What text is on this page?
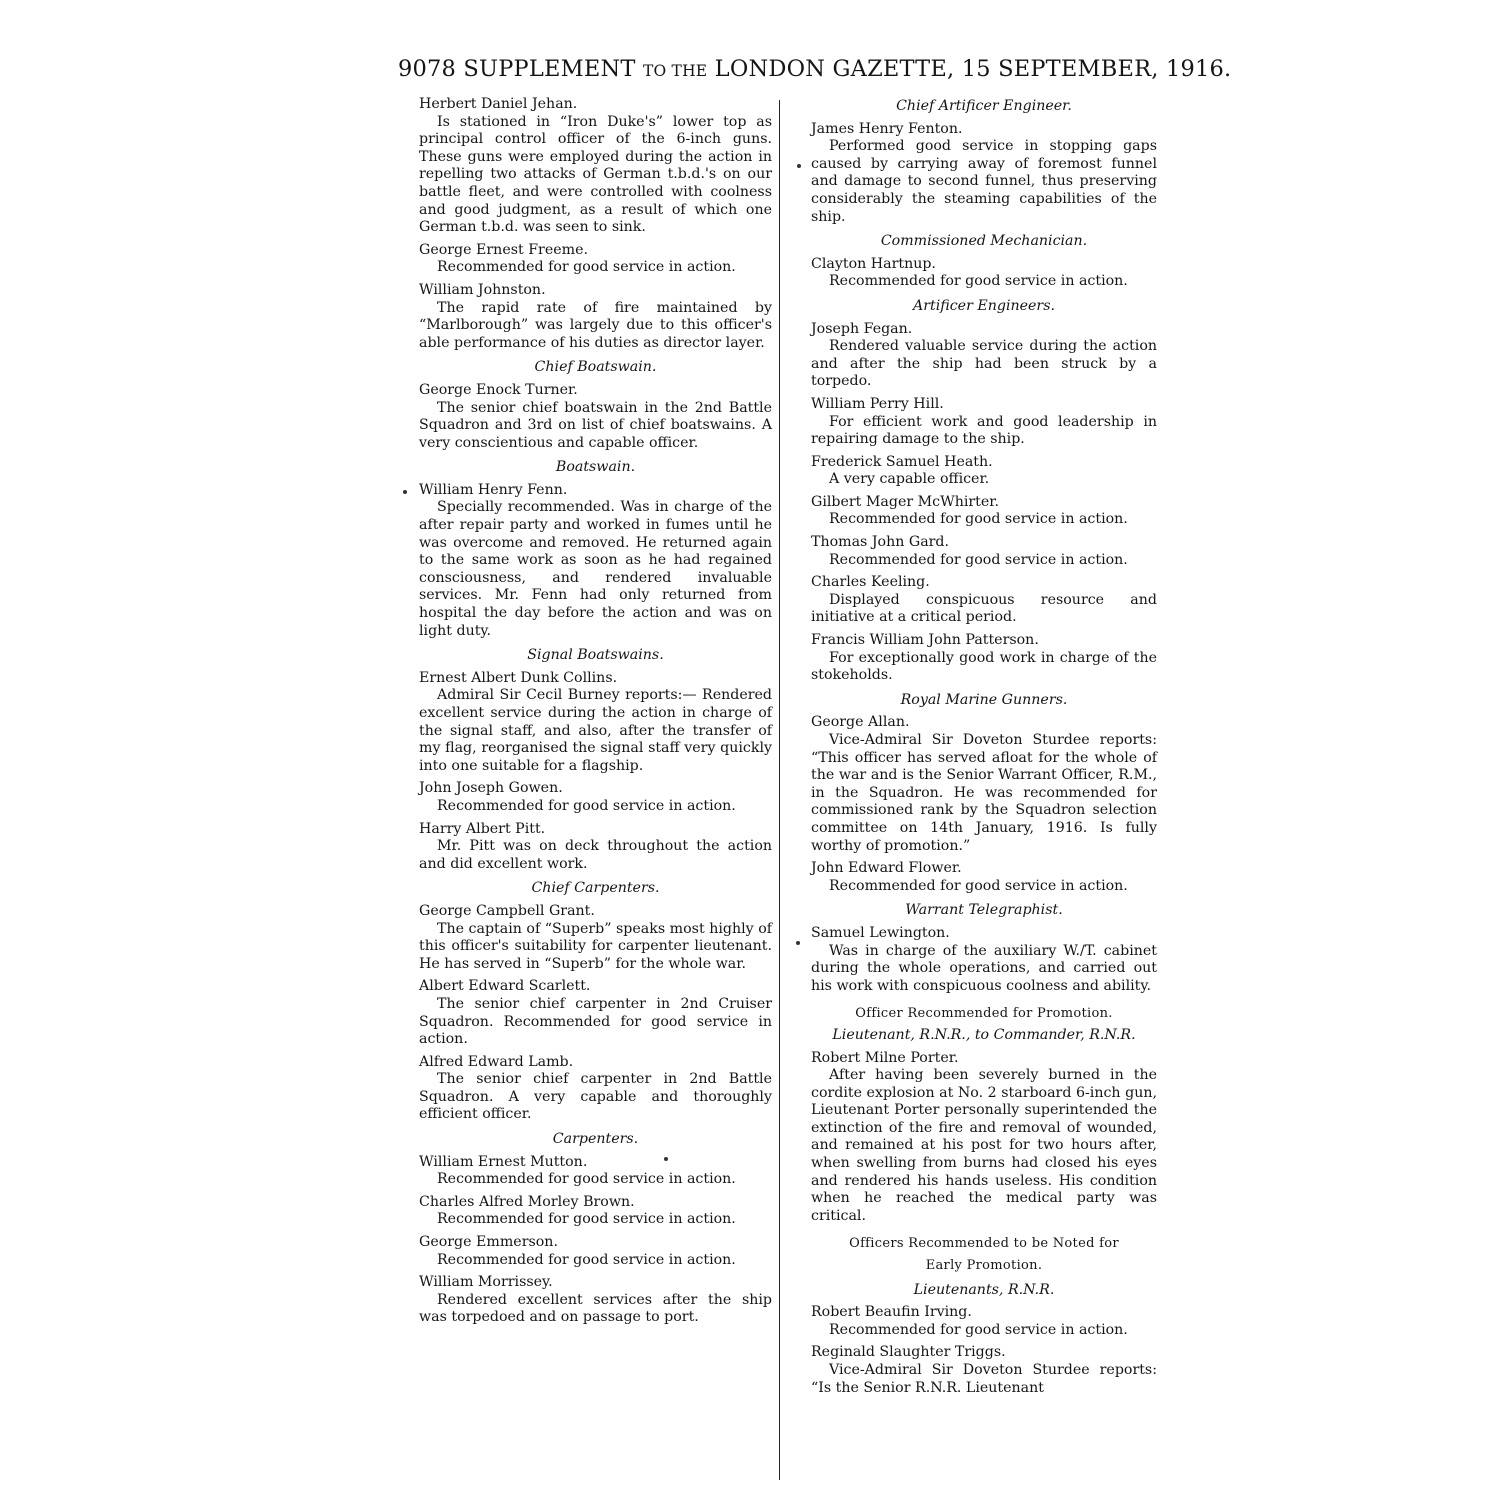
9078 SUPPLEMENT TO THE LONDON GAZETTE, 15 SEPTEMBER, 1916.

Herbert Daniel Jehan.

Is stationed in “Iron Duke's” lower top as principal control officer of the 6-inch guns. These guns were employed during the action in repelling two attacks of German t.b.d.'s on our battle fleet, and were controlled with coolness and good judgment, as a result of which one German t.b.d. was seen to sink.

George Ernest Freeme.

Recommended for good service in action.

William Johnston.

The rapid rate of fire maintained by “Marlborough” was largely due to this officer's able performance of his duties as director layer.

Chief Boatswain.

George Enock Turner.

The senior chief boatswain in the 2nd Battle Squadron and 3rd on list of chief boatswains. A very conscientious and capable officer.

Boatswain.

William Henry Fenn.

Specially recommended. Was in charge of the after repair party and worked in fumes until he was overcome and removed. He returned again to the same work as soon as he had regained consciousness, and rendered invaluable services. Mr. Fenn had only returned from hospital the day before the action and was on light duty.

Signal Boatswains.

Ernest Albert Dunk Collins.

Admiral Sir Cecil Burney reports:— Rendered excellent service during the action in charge of the signal staff, and also, after the transfer of my flag, reorganised the signal staff very quickly into one suitable for a flagship.

John Joseph Gowen.

Recommended for good service in action.

Harry Albert Pitt.

Mr. Pitt was on deck throughout the action and did excellent work.

Chief Carpenters.

George Campbell Grant.

The captain of “Superb” speaks most highly of this officer's suitability for carpenter lieutenant. He has served in “Superb” for the whole war.

Albert Edward Scarlett.

The senior chief carpenter in 2nd Cruiser Squadron. Recommended for good service in action.

Alfred Edward Lamb.

The senior chief carpenter in 2nd Battle Squadron. A very capable and thoroughly efficient officer.

Carpenters.

William Ernest Mutton.

Recommended for good service in action.

Charles Alfred Morley Brown.

Recommended for good service in action.

George Emmerson.

Recommended for good service in action.

William Morrissey.

Rendered excellent services after the ship was torpedoed and on passage to port.

Chief Artificer Engineer.

James Henry Fenton.

Performed good service in stopping gaps caused by carrying away of foremost funnel and damage to second funnel, thus preserving considerably the steaming capabilities of the ship.

Commissioned Mechanician.

Clayton Hartnup.

Recommended for good service in action.

Artificer Engineers.

Joseph Fegan.

Rendered valuable service during the action and after the ship had been struck by a torpedo.

William Perry Hill.

For efficient work and good leadership in repairing damage to the ship.

Frederick Samuel Heath.

A very capable officer.

Gilbert Mager McWhirter.

Recommended for good service in action.

Thomas John Gard.

Recommended for good service in action.

Charles Keeling.

Displayed conspicuous resource and initiative at a critical period.

Francis William John Patterson.

For exceptionally good work in charge of the stokeholds.

Royal Marine Gunners.

George Allan.

Vice-Admiral Sir Doveton Sturdee reports: “This officer has served afloat for the whole of the war and is the Senior Warrant Officer, R.M., in the Squadron. He was recommended for commissioned rank by the Squadron selection committee on 14th January, 1916. Is fully worthy of promotion.”

John Edward Flower.

Recommended for good service in action.

Warrant Telegraphist.

Samuel Lewington.

Was in charge of the auxiliary W./T. cabinet during the whole operations, and carried out his work with conspicuous coolness and ability.

Officer Recommended for Promotion.

Lieutenant, R.N.R., to Commander, R.N.R.

Robert Milne Porter.

After having been severely burned in the cordite explosion at No. 2 starboard 6-inch gun, Lieutenant Porter personally superintended the extinction of the fire and removal of wounded, and remained at his post for two hours after, when swelling from burns had closed his eyes and rendered his hands useless. His condition when he reached the medical party was critical.

Officers Recommended to be Noted for

Early Promotion.

Lieutenants, R.N.R.

Robert Beaufin Irving.

Recommended for good service in action.

Reginald Slaughter Triggs.

Vice-Admiral Sir Doveton Sturdee reports: “Is the Senior R.N.R. Lieutenant
